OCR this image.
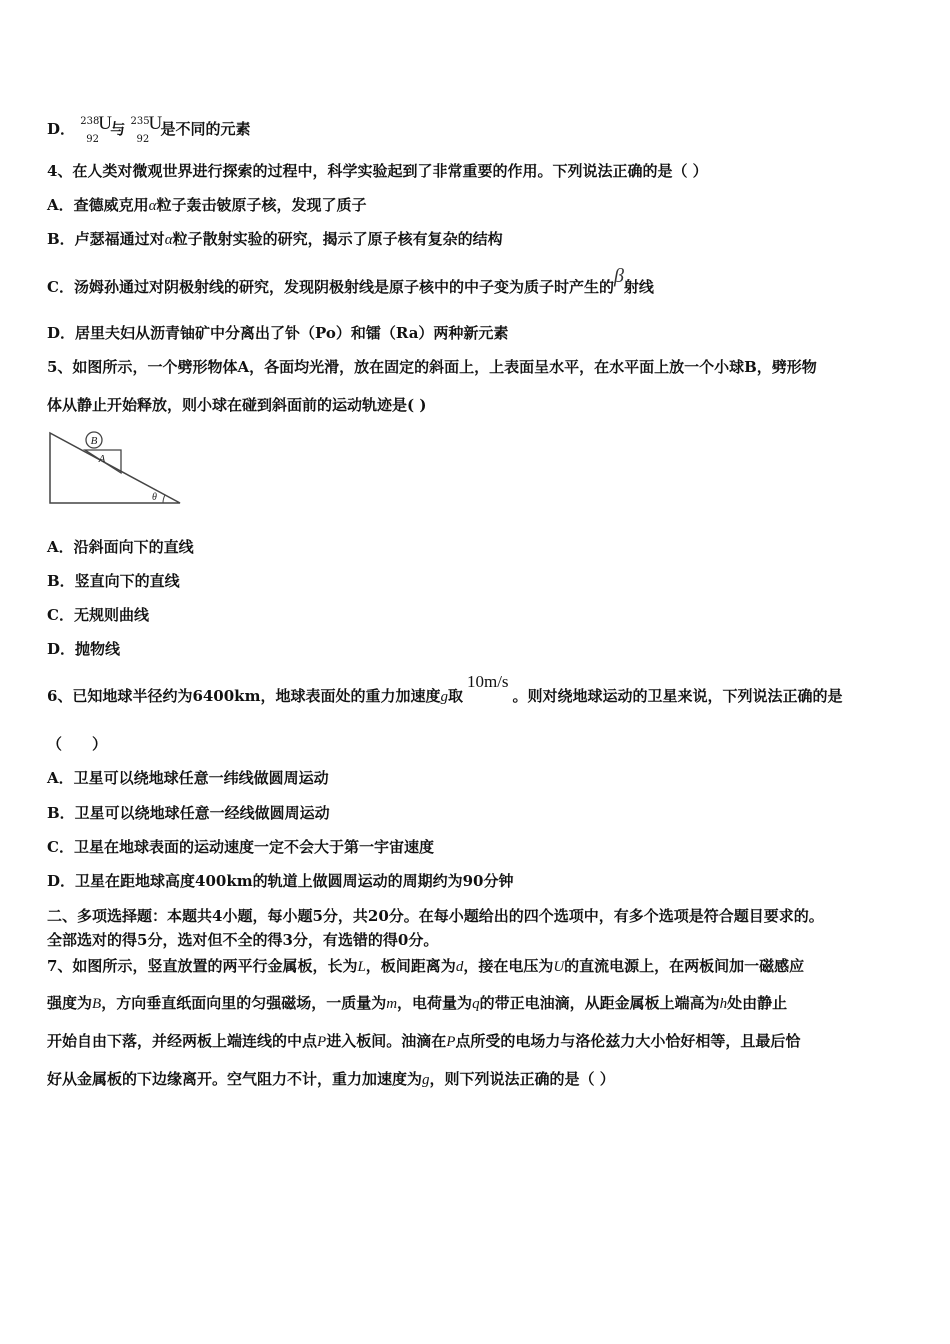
D． 238
92
U
与 235
92
U
是不同的元素
4、在人类对微观世界进行探索的过程中，科学实验起到了非常重要的作用。下列说法正确的是（ ）
A．查德威克用α粒子轰击铍原子核，发现了质子
B．卢瑟福通过对α粒子散射实验的研究，揭示了原子核有复杂的结构
C．汤姆孙通过对阴极射线的研究，发现阴极射线是原子核中的中子变为质子时产生的β射线
D．居里夫妇从沥青铀矿中分离出了钋（Po）和镭（Ra）两种新元素
5、如图所示，一个劈形物体A，各面均光滑，放在固定的斜面上，上表面呈水平，在水平面上放一个小球B，劈形物
体从静止开始释放，则小球在碰到斜面前的运动轨迹是( )
B
A
θ
A．沿斜面向下的直线
B．竖直向下的直线
C．无规则曲线
D．抛物线
6、已知地球半径约为6400km，地球表面处的重力加速度g取10m/s。则对绕地球运动的卫星来说，下列说法正确的是
（　　）
A．卫星可以绕地球任意一纬线做圆周运动
B．卫星可以绕地球任意一经线做圆周运动
C．卫星在地球表面的运动速度一定不会大于第一宇宙速度
D．卫星在距地球高度400km的轨道上做圆周运动的周期约为90分钟
二、多项选择题：本题共4小题，每小题5分，共20分。在每小题给出的四个选项中，有多个选项是符合题目要求的。
全部选对的得5分，选对但不全的得3分，有选错的得0分。
7、如图所示，竖直放置的两平行金属板，长为L，板间距离为d，接在电压为U的直流电源上，在两板间加一磁感应
强度为B，方向垂直纸面向里的匀强磁场，一质量为m，电荷量为q的带正电油滴，从距金属板上端高为h处由静止
开始自由下落，并经两板上端连线的中点P进入板间。油滴在P点所受的电场力与洛伦兹力大小恰好相等，且最后恰
好从金属板的下边缘离开。空气阻力不计，重力加速度为g，则下列说法正确的是（ ）
